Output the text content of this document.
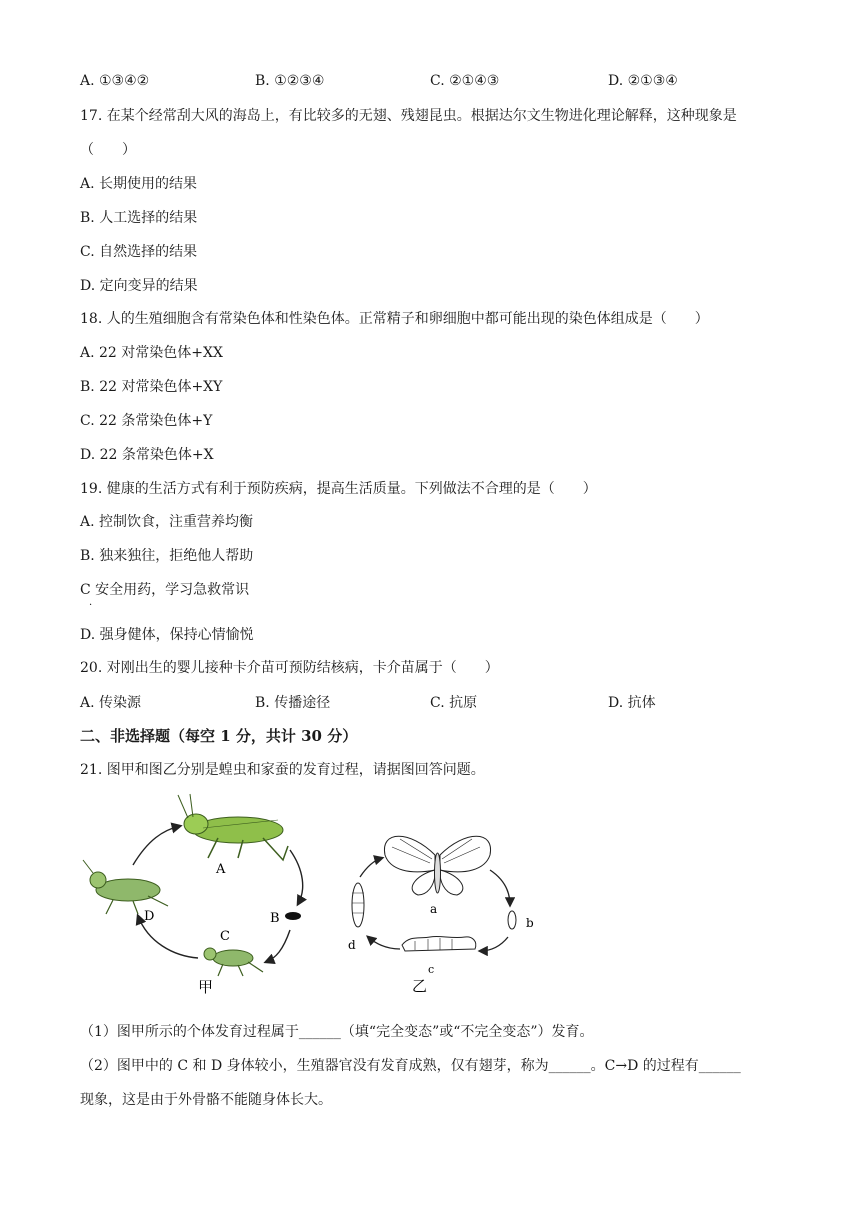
A. ①③④②	B. ①②③④	C. ②①④③	D. ②①③④
17. 在某个经常刮大风的海岛上，有比较多的无翅、残翅昆虫。根据达尔文生物进化理论解释，这种现象是
（　　）
A. 长期使用的结果
B. 人工选择的结果
C. 自然选择的结果
D. 定向变异的结果
18. 人的生殖细胞含有常染色体和性染色体。正常精子和卵细胞中都可能出现的染色体组成是（　　）
A. 22 对常染色体+XX
B. 22 对常染色体+XY
C. 22 条常染色体+Y
D. 22 条常染色体+X
19. 健康的生活方式有利于预防疾病，提高生活质量。下列做法不合理的是（　　）
A. 控制饮食，注重营养均衡
B. 独来独往，拒绝他人帮助
C 安全用药，学习急救常识
·
D. 强身健体，保持心情愉悦
20. 对刚出生的婴儿接种卡介苗可预防结核病，卡介苗属于（　　）
A. 传染源	B. 传播途径	C. 抗原	D. 抗体
二、非选择题（每空 1 分，共计 30 分）
21. 图甲和图乙分别是蝗虫和家蚕的发育过程，请据图回答问题。
A
B
C
D
甲
a
b
c
d
乙
（1）图甲所示的个体发育过程属于______（填“完全变态”或“不完全变态”）发育。
（2）图甲中的 C 和 D 身体较小，生殖器官没有发育成熟，仅有翅芽，称为______。C→D 的过程有______
现象，这是由于外骨骼不能随身体长大。
